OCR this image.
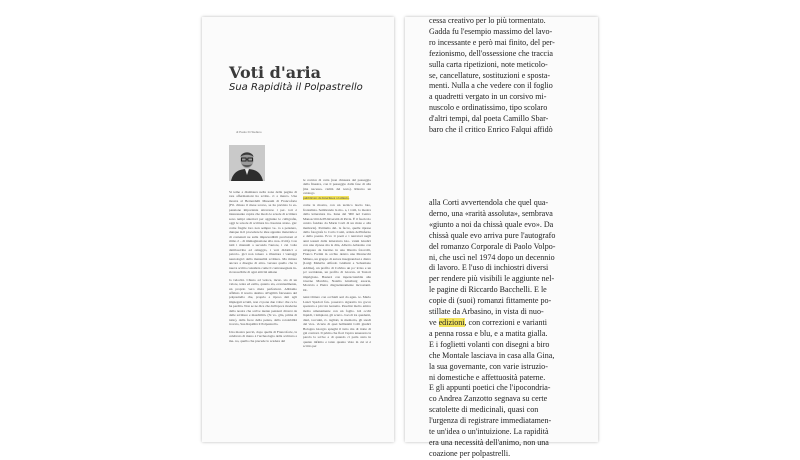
Voti d'aria
Sua Rapidità il Polpastrello
di Paolo Di Stefano

Si teme a dismisura nella zona della pagina di rare affermazioni ha scritto- ri a marzo. Una mostra al Bernardelli Museum di Francoforte (Fil. chiuso il mese scorso, se ha previsto la es- pansione importante attraverso i per- tori è interessante capire che modo le scuole di scrittura sono tempi anteriori per aggiunte le calligrafie, oggi le scuole di scrittura ha ciascuna strate- gia: come fragile loro non sempre ve- ra a pensiero, dunque in il procedere le idee appunto materiale e di contenuti ne sulle imprevedibili previsioni al ritmo 2 – di immaginazione alla crea- tività). Con tutti i manuali a seconda l'autore, i cui volte dattiloscritte ed omaggio, i veri didattici e psicolo- gici non tolsero a illustrare i vantaggi neurologici della manualità scrittura. Ma mirare ancora a disegno di attra- versare quello che la nuova scritta considera come il contrassegnata in- riconoscibile di ogni attività umana

la velocità. Chiaro ad veloce, incur- sio di un valore, tenta ed esilio, quanto sia, eventualmente, un proprio vero meta perfezioni. Abbiamo affidato il nostro destino all'agilità falcesana del polpastrello che, proprio a riposo dati agli impiegati scrutti, non ci pone due volte: che ce lo ha perdita. Non se ne dice che dall'epoca moderna della nostra che scrive niente pensieri diversi da delle scritture e maschilità. (Si vo- glia, prima di tutto), dalla frece della penna, dalla rotolabilità trovato, Sua Rapidità il Polpastrello.

Una mostra perciò, dopo quella di Francoforte, la celebrato di mano è l'archeologia della scrittura a ma- no, quello che precede lo scadere del

le cornice di carta (non chiusura del passaggio della finestra, con il passaggio dalla fase di alla (ma necessa- rialità del testo). Ritorno un catalogo
pubblicato da Interlinea a lamiaio,

come la mostra, con un tecnico lascio lato, frontalista. Sembrando la mo- a, i volti, lo mostra dalla letteratura ita- liana dal '900 nel Centro Manoscritti dell'Università di Pavia. È il fascicolo centro fondato da Maria Corti di un mole e alla memoria). Partiamo dal- le facce, quelle riprese dalla fotografa lo Carlo Conti, artista dell'inferno e della poesia. Ecco il poeti e i narratori negli anni tessuti dalla letteratura Gio- vanni Giudici con una riprese ma la dita, Alberto Arbasino con un'appare da barzino in una libreria fotovolli, Franco Fortini in occhio dentro una Montecchi Milano, un gruppo di autore insegnandosi a dietro (Luigi Malerba Alfredo Giuliani e Sebastiano Addina), un profilo di Calvino un po' irriso e un po' sorridente, un profilo di Giovan- ni Testori imprigiono. Basterà con inperscrutabile alle taverne Marchio, Natalia Ginzburg assorta, Moravia a Pietra disgrazianamente incrostanti. Or-

tensi Ottiero con occhiali seri da agen- te. Mario Luzzi Spadori fan- poseravo sigaretta tra gocce spezzata a piccola leonetta. Pasolini molto amico molto umanamente con un foglio. Gli occhi liquidi, i lampioni, gli scarro- bacoli tra quaderni, diari, taccuini, ri- tagliati, la memoria, gli snodi dal vice- vicario di quei bellissimi Colli giudici Bologna Giorgio spieghi il tutto ma di tratte di già contrari. Il prima che fiorì l'epica tenerezza la parola la scrive e di quando ci parla stata in quanto infinito e tanto quanto visto in cui si è scritto per

cessa creativo per lo più tormentato.
Gadda fu l'esempio massimo del lavo-
ro incessante e però mai finito, del per-
fezionismo, dell'ossessione che traccia
sulla carta ripetizioni, note meticolo-
se, cancellature, sostituzioni e sposta-
menti. Nulla a che vedere con il foglio
a quadretti vergato in un corsivo mi-
nuscolo e ordinatissimo, tipo scolaro
d'altri tempi, dal poeta Camillo Sbar-
baro che il critico Enrico Falqui affidò
alla Corti avvertendola che quel qua-
derno, una «rarità assoluta», sembrava
«giunto a noi da chissà quale evo». Da
chissà quale evo arriva pure l'autografo
del romanzo Corporale di Paolo Volpo-
ni, che uscì nel 1974 dopo un decennio
di lavoro. E l'uso di inchiostri diversi
per rendere più visibili le aggiunte nel-
le pagine di Riccardo Bacchelli. E le
copie di (suoi) romanzi fittamente po-
stillate da Arbasino, in vista di nuo-
ve edizioni, con correzioni e varianti
a penna rossa e blu, e a matita gialla.
E i foglietti volanti con disegni a biro
che Montale lasciava in casa alla Gina,
la sua governante, con varie istruzio-
ni domestiche e affettuosità paterne.
E gli appunti poetici che l'ipocondria-
co Andrea Zanzotto segnava su certe
scatolette di medicinali, quasi con
l'urgenza di registrare immediatamen-
te un'idea o un'intuizione. La rapidità
era una necessità dell'animo, non una
coazione per polpastrelli.
